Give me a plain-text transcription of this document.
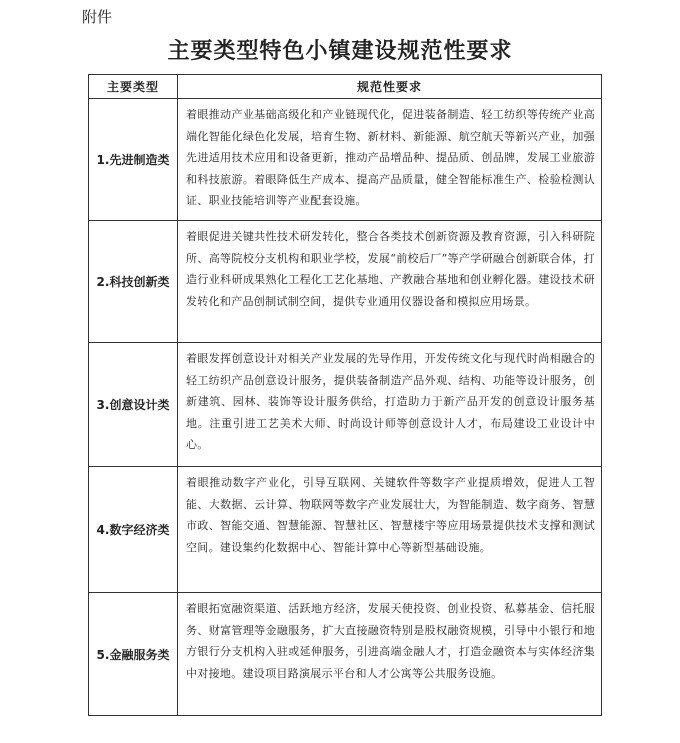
附件
主要类型特色小镇建设规范性要求
主要类型	规范性要求
1.先进制造类	着眼推动产业基础高级化和产业链现代化，促进装备制造、轻工纺织等传统产业高端化智能化绿色化发展，培育生物、新材料、新能源、航空航天等新兴产业，加强先进适用技术应用和设备更新，推动产品增品种、提品质、创品牌，发展工业旅游和科技旅游。着眼降低生产成本、提高产品质量，健全智能标准生产、检验检测认证、职业技能培训等产业配套设施。
2.科技创新类	着眼促进关键共性技术研发转化，整合各类技术创新资源及教育资源，引入科研院所、高等院校分支机构和职业学校，发展“前校后厂”等产学研融合创新联合体，打造行业科研成果熟化工程化工艺化基地、产教融合基地和创业孵化器。建设技术研发转化和产品创制试制空间，提供专业通用仪器设备和模拟应用场景。
3.创意设计类	着眼发挥创意设计对相关产业发展的先导作用，开发传统文化与现代时尚相融合的轻工纺织产品创意设计服务，提供装备制造产品外观、结构、功能等设计服务，创新建筑、园林、装饰等设计服务供给，打造助力于新产品开发的创意设计服务基地。注重引进工艺美术大师、时尚设计师等创意设计人才，布局建设工业设计中心。
4.数字经济类	着眼推动数字产业化，引导互联网、关键软件等数字产业提质增效，促进人工智能、大数据、云计算、物联网等数字产业发展壮大，为智能制造、数字商务、智慧市政、智能交通、智慧能源、智慧社区、智慧楼宇等应用场景提供技术支撑和测试空间。建设集约化数据中心、智能计算中心等新型基础设施。
5.金融服务类	着眼拓宽融资渠道、活跃地方经济，发展天使投资、创业投资、私募基金、信托服务、财富管理等金融服务，扩大直接融资特别是股权融资规模，引导中小银行和地方银行分支机构入驻或延伸服务，引进高端金融人才，打造金融资本与实体经济集中对接地。建设项目路演展示平台和人才公寓等公共服务设施。
